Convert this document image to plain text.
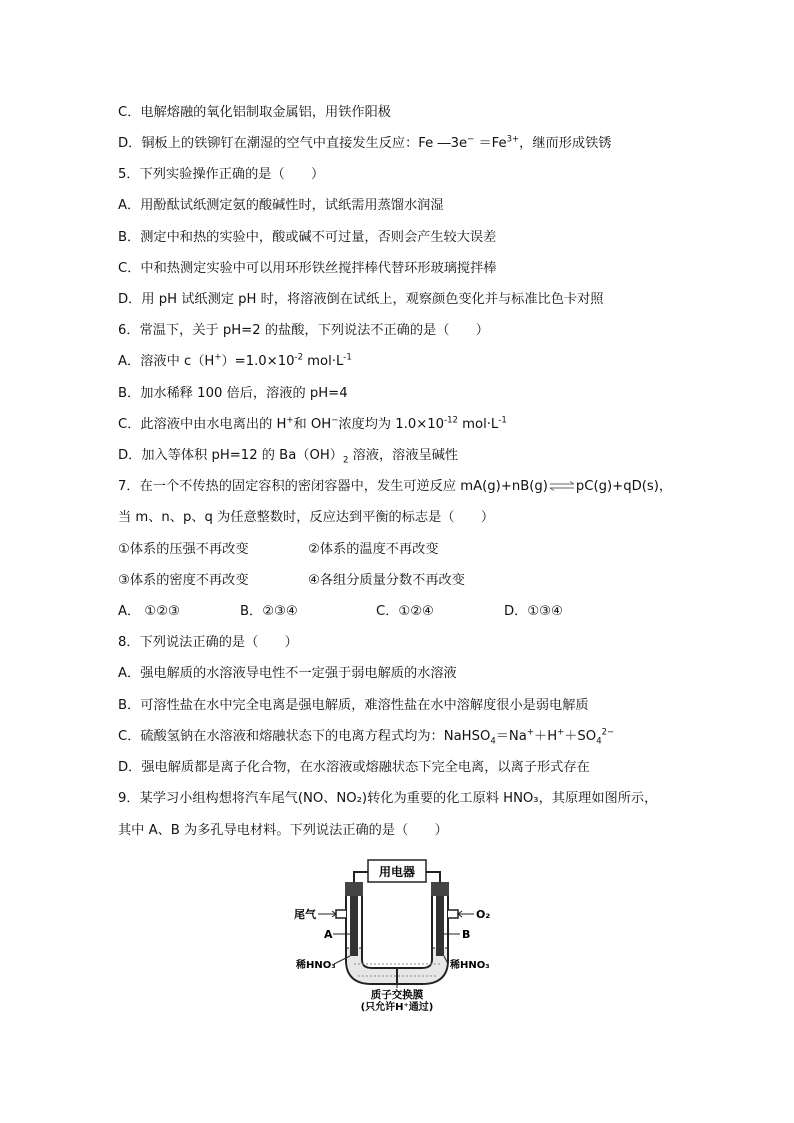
C．电解熔融的氧化铝制取金属铝，用铁作阳极

D．铜板上的铁铆钉在潮湿的空气中直接发生反应：Fe ―3e− $=Fe^{3+}$，继而形成铁锈

5．下列实验操作正确的是（　　）

A．用酚酞试纸测定氨的酸碱性时，试纸需用蒸馏水润湿

B．测定中和热的实验中，酸或碱不可过量，否则会产生较大误差

C．中和热测定实验中可以用环形铁丝搅拌棒代替环形玻璃搅拌棒

D．用 pH 试纸测定 pH 时，将溶液倒在试纸上，观察颜色变化并与标准比色卡对照

6．常温下，关于 pH=2 的盐酸，下列说法不正确的是（　　）

A．溶液中 $c(H^+)=1.0\times 10^{-2}$ $mol\cdot L^{-1}$

B．加水稀释 100 倍后，溶液的 pH=4

C．此溶液中由水电离出的 H+和 OH−浓度均为 $1.0\times 10^{-12}$ $mol\cdot L^{-1}$

D．加入等体积 pH=12 的 $Ba(OH)_2$ 溶液，溶液呈碱性

7．在一个不传热的固定容积的密闭容器中，发生可逆反应 mA(g)+nB(g)⇌pC(g)+qD(s)，

当 m、n、p、q 为任意整数时，反应达到平衡的标志是（　　）

①体系的压强不再改变	②体系的温度不再改变

③体系的密度不再改变	④各组分质量分数不再改变

A． ①②③	B．②③④	C．①②④	D．①③④

8．下列说法正确的是（　　）

A．强电解质的水溶液导电性不一定强于弱电解质的水溶液

B．可溶性盐在水中完全电离是强电解质，难溶性盐在水中溶解度很小是弱电解质

C．硫酸氢钠在水溶液和熔融状态下的电离方程式均为：$NaHSO_4=Na^++H^++SO_4^{2-}$

D．强电解质都是离子化合物，在水溶液或熔融状态下完全电离，以离子形式存在

9．某学习小组构想将汽车尾气(NO、NO₂)转化为重要的化工原料 HNO₃，其原理如图所示，

其中 A、B 为多孔导电材料。下列说法正确的是（　　）

用电器
尾气	O₂
A	B
稀HNO₃	稀HNO₃
质子交换膜
(只允许H⁺通过)
